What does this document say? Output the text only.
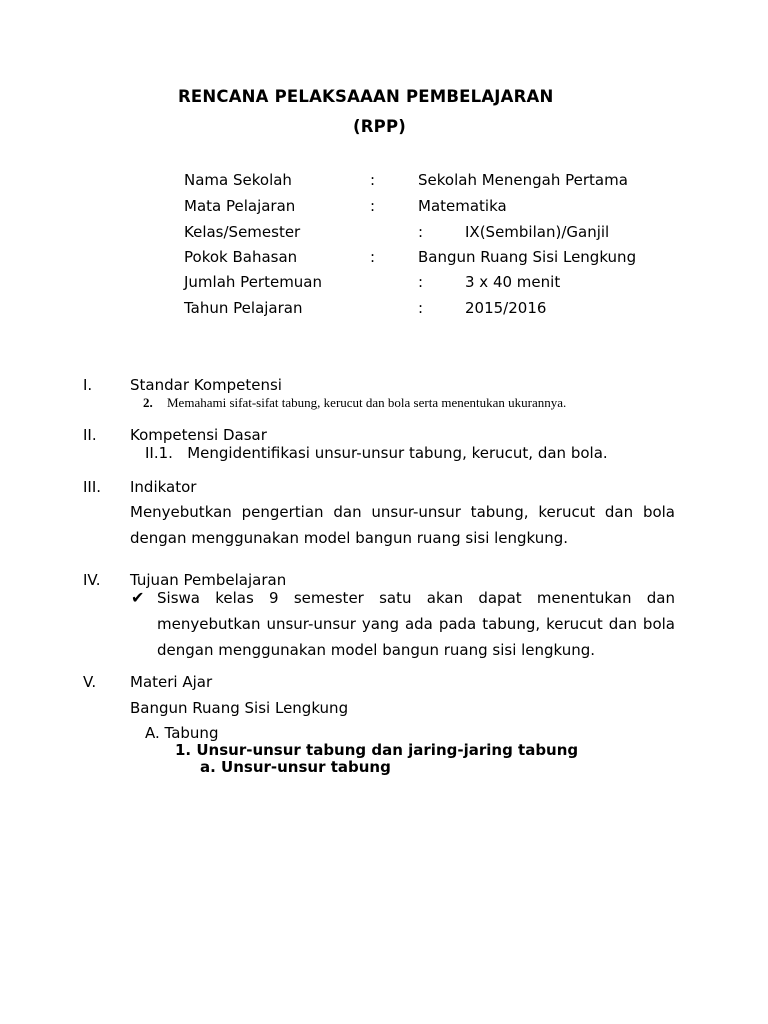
RENCANA PELAKSAAAN PEMBELAJARAN
(RPP)
Nama Sekolah	:	Sekolah Menengah Pertama
Mata Pelajaran	:	Matematika
Kelas/Semester	:	IX(Sembilan)/Ganjil
Pokok Bahasan	:	Bangun Ruang Sisi Lengkung
Jumlah Pertemuan	:	3 x 40 menit
Tahun Pelajaran	:	2015/2016
I.	Standar Kompetensi
2. Memahami sifat-sifat tabung, kerucut dan bola serta menentukan ukurannya.
II. Kompetensi Dasar
II.1.   Mengidentifikasi unsur-unsur tabung, kerucut, dan bola.
III. Indikator
Menyebutkan pengertian dan unsur-unsur tabung, kerucut dan bola dengan menggunakan model bangun ruang sisi lengkung.
IV. Tujuan Pembelajaran
✔ Siswa kelas 9 semester satu akan dapat menentukan dan menyebutkan unsur-unsur yang ada pada tabung, kerucut dan bola dengan menggunakan model bangun ruang sisi lengkung.
V. Materi Ajar
Bangun Ruang Sisi Lengkung
A. Tabung
1. Unsur-unsur tabung dan jaring-jaring tabung
a. Unsur-unsur tabung
